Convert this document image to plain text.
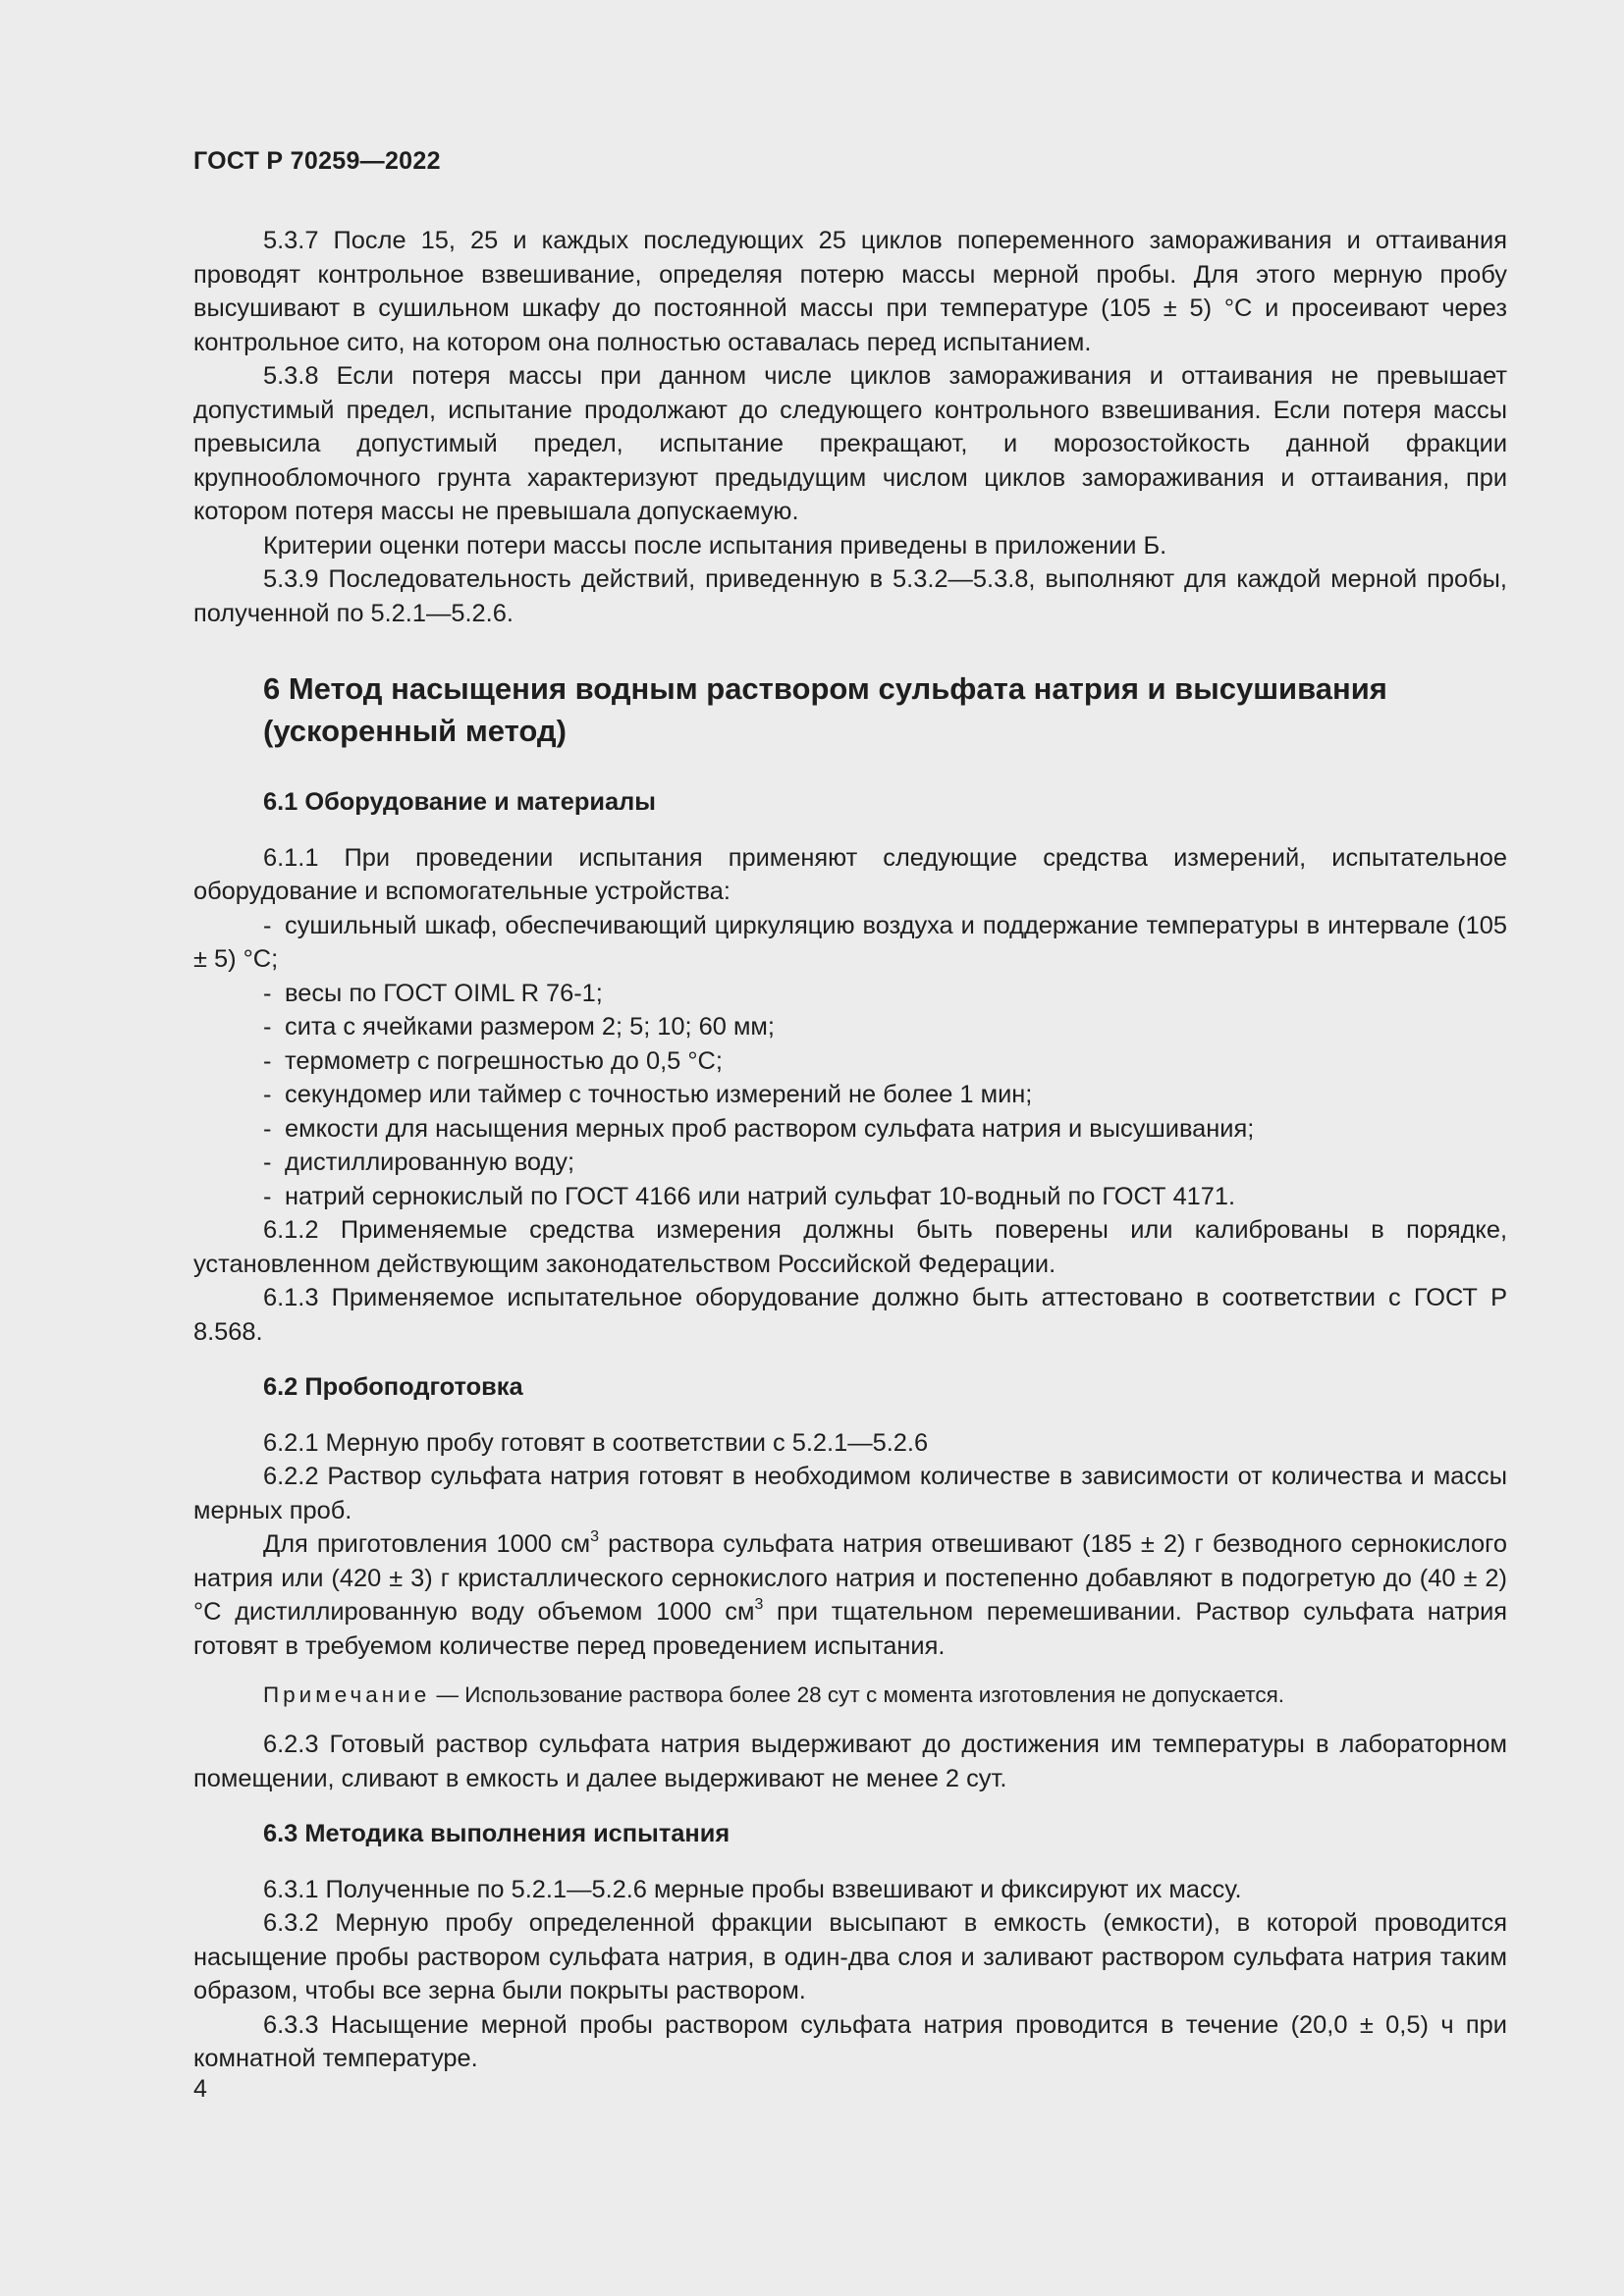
ГОСТ Р 70259—2022

5.3.7 После 15, 25 и каждых последующих 25 циклов попеременного замораживания и оттаивания проводят контрольное взвешивание, определяя потерю массы мерной пробы. Для этого мерную пробу высушивают в сушильном шкафу до постоянной массы при температуре (105 ± 5) °С и просеивают через контрольное сито, на котором она полностью оставалась перед испытанием.

5.3.8 Если потеря массы при данном числе циклов замораживания и оттаивания не превышает допустимый предел, испытание продолжают до следующего контрольного взвешивания. Если потеря массы превысила допустимый предел, испытание прекращают, и морозостойкость данной фракции крупнообломочного грунта характеризуют предыдущим числом циклов замораживания и оттаивания, при котором потеря массы не превышала допускаемую.

Критерии оценки потери массы после испытания приведены в приложении Б.

5.3.9 Последовательность действий, приведенную в 5.3.2—5.3.8, выполняют для каждой мерной пробы, полученной по 5.2.1—5.2.6.

6 Метод насыщения водным раствором сульфата натрия и высушивания (ускоренный метод)
6.1 Оборудование и материалы

6.1.1 При проведении испытания применяют следующие средства измерений, испытательное оборудование и вспомогательные устройства:

- сушильный шкаф, обеспечивающий циркуляцию воздуха и поддержание температуры в интервале (105 ± 5) °С;

- весы по ГОСТ OIML R 76-1;

- сита с ячейками размером 2; 5; 10; 60 мм;

- термометр с погрешностью до 0,5 °С;

- секундомер или таймер с точностью измерений не более 1 мин;

- емкости для насыщения мерных проб раствором сульфата натрия и высушивания;

- дистиллированную воду;

- натрий сернокислый по ГОСТ 4166 или натрий сульфат 10-водный по ГОСТ 4171.

6.1.2 Применяемые средства измерения должны быть поверены или калиброваны в порядке, установленном действующим законодательством Российской Федерации.

6.1.3 Применяемое испытательное оборудование должно быть аттестовано в соответствии с ГОСТ Р 8.568.

6.2 Пробоподготовка

6.2.1 Мерную пробу готовят в соответствии с 5.2.1—5.2.6

6.2.2 Раствор сульфата натрия готовят в необходимом количестве в зависимости от количества и массы мерных проб.

Для приготовления 1000 $см^3$ раствора сульфата натрия отвешивают (185 ± 2) г безводного сернокислого натрия или (420 ± 3) г кристаллического сернокислого натрия и постепенно добавляют в подогретую до (40 ± 2) °С дистиллированную воду объемом 1000 $см^3$ при тщательном перемешивании. Раствор сульфата натрия готовят в требуемом количестве перед проведением испытания.

Примечание — Использование раствора более 28 сут с момента изготовления не допускается.

6.2.3 Готовый раствор сульфата натрия выдерживают до достижения им температуры в лабораторном помещении, сливают в емкость и далее выдерживают не менее 2 сут.

6.3 Методика выполнения испытания

6.3.1 Полученные по 5.2.1—5.2.6 мерные пробы взвешивают и фиксируют их массу.

6.3.2 Мерную пробу определенной фракции высыпают в емкость (емкости), в которой проводится насыщение пробы раствором сульфата натрия, в один-два слоя и заливают раствором сульфата натрия таким образом, чтобы все зерна были покрыты раствором.

6.3.3 Насыщение мерной пробы раствором сульфата натрия проводится в течение (20,0 ± 0,5) ч при комнатной температуре.

4
